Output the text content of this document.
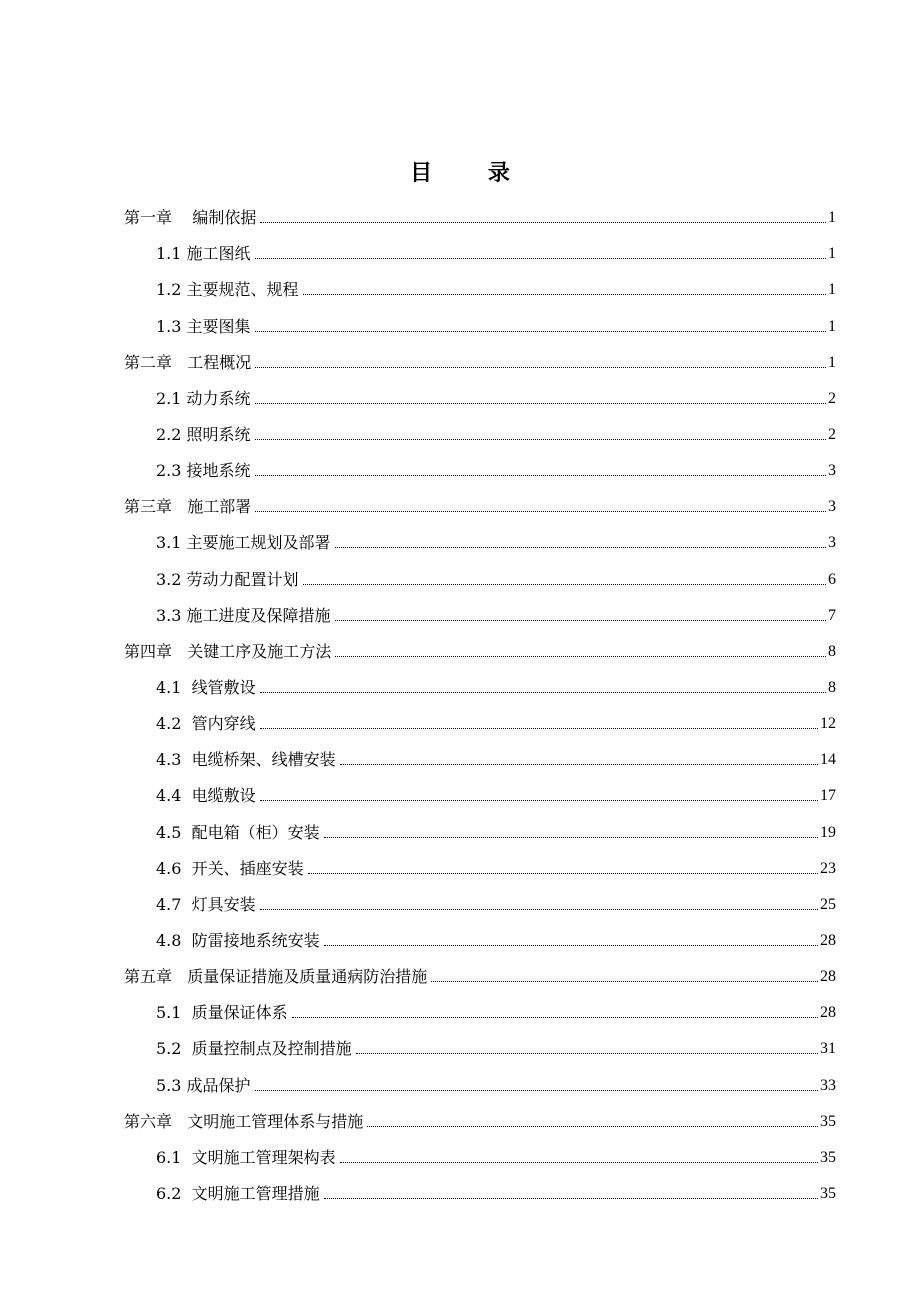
目 录
第一章    编制依据	1
1.1 施工图纸	1
1.2 主要规范、规程	1
1.3 主要图集	1
第二章   工程概况	1
2.1 动力系统	2
2.2 照明系统	2
2.3 接地系统	3
第三章   施工部署	3
3.1 主要施工规划及部署	3
3.2 劳动力配置计划	6
3.3 施工进度及保障措施	7
第四章   关键工序及施工方法	8
4.1  线管敷设	8
4.2  管内穿线	12
4.3  电缆桥架、线槽安装	14
4.4  电缆敷设	17
4.5  配电箱（柜）安装	19
4.6  开关、插座安装	23
4.7  灯具安装	25
4.8  防雷接地系统安装	28
第五章   质量保证措施及质量通病防治措施	28
5.1  质量保证体系	28
5.2  质量控制点及控制措施	31
5.3 成品保护	33
第六章   文明施工管理体系与措施	35
6.1  文明施工管理架构表	35
6.2  文明施工管理措施	35
